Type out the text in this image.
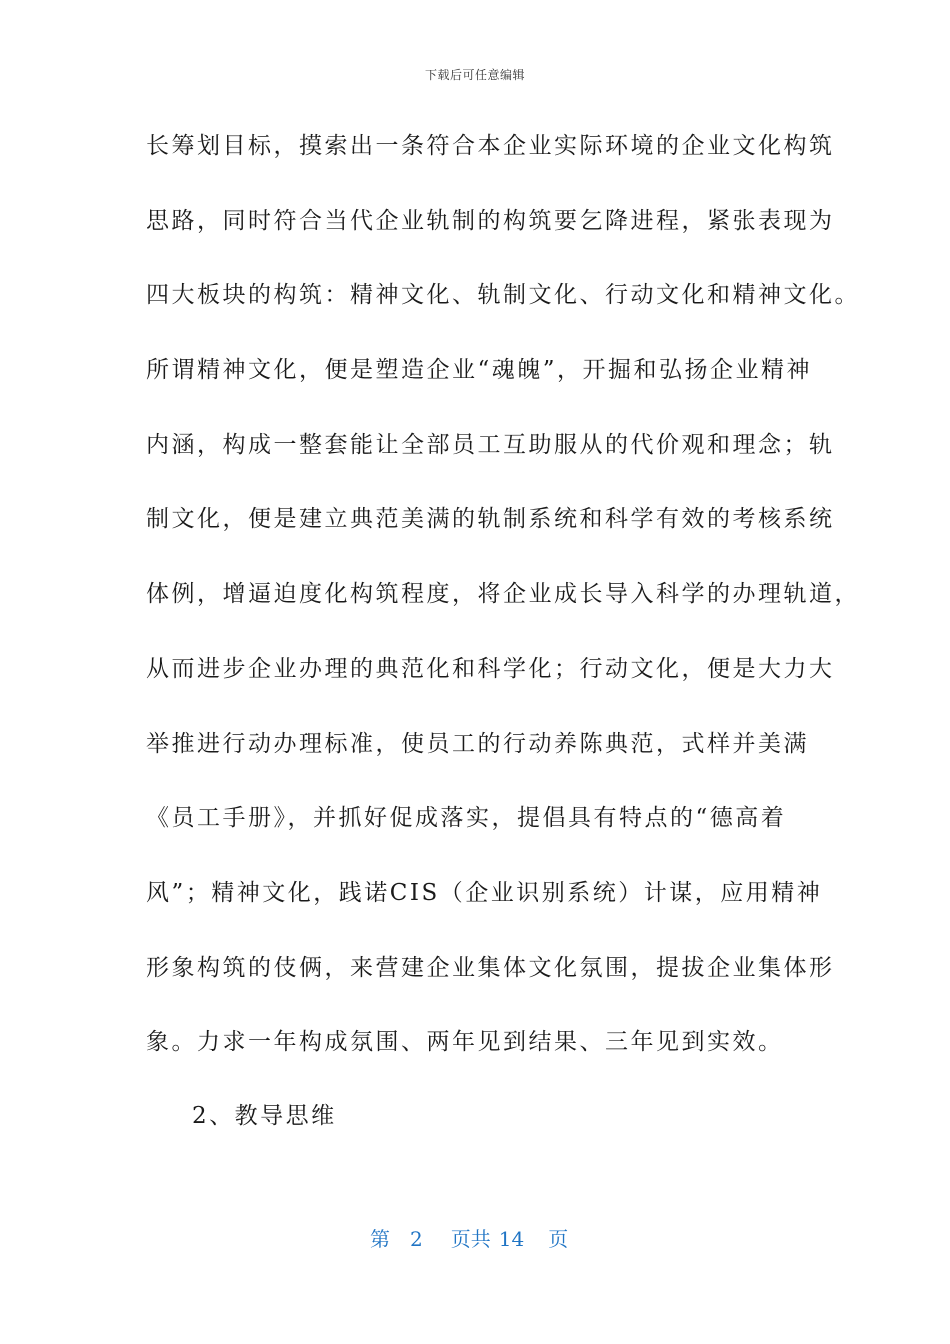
下载后可任意编辑
长筹划目标，摸索出一条符合本企业实际环境的企业文化构筑
思路，同时符合当代企业轨制的构筑要乞降进程，紧张表现为
四大板块的构筑：精神文化、轨制文化、行动文化和精神文化。
所谓精神文化，便是塑造企业“魂魄”，开掘和弘扬企业精神
内涵，构成一整套能让全部员工互助服从的代价观和理念；轨
制文化，便是建立典范美满的轨制系统和科学有效的考核系统
体例，增逼迫度化构筑程度，将企业成长导入科学的办理轨道，
从而进步企业办理的典范化和科学化；行动文化，便是大力大
举推进行动办理标准，使员工的行动养陈典范，式样并美满
《员工手册》，并抓好促成落实，提倡具有特点的“德高着
风”；精神文化，践诺CIS（企业识别系统）计谋，应用精神
形象构筑的伎俩，来营建企业集体文化氛围，提拔企业集体形
象。力求一年构成氛围、两年见到结果、三年见到实效。
2、教导思维
第 2 页共 14 页
